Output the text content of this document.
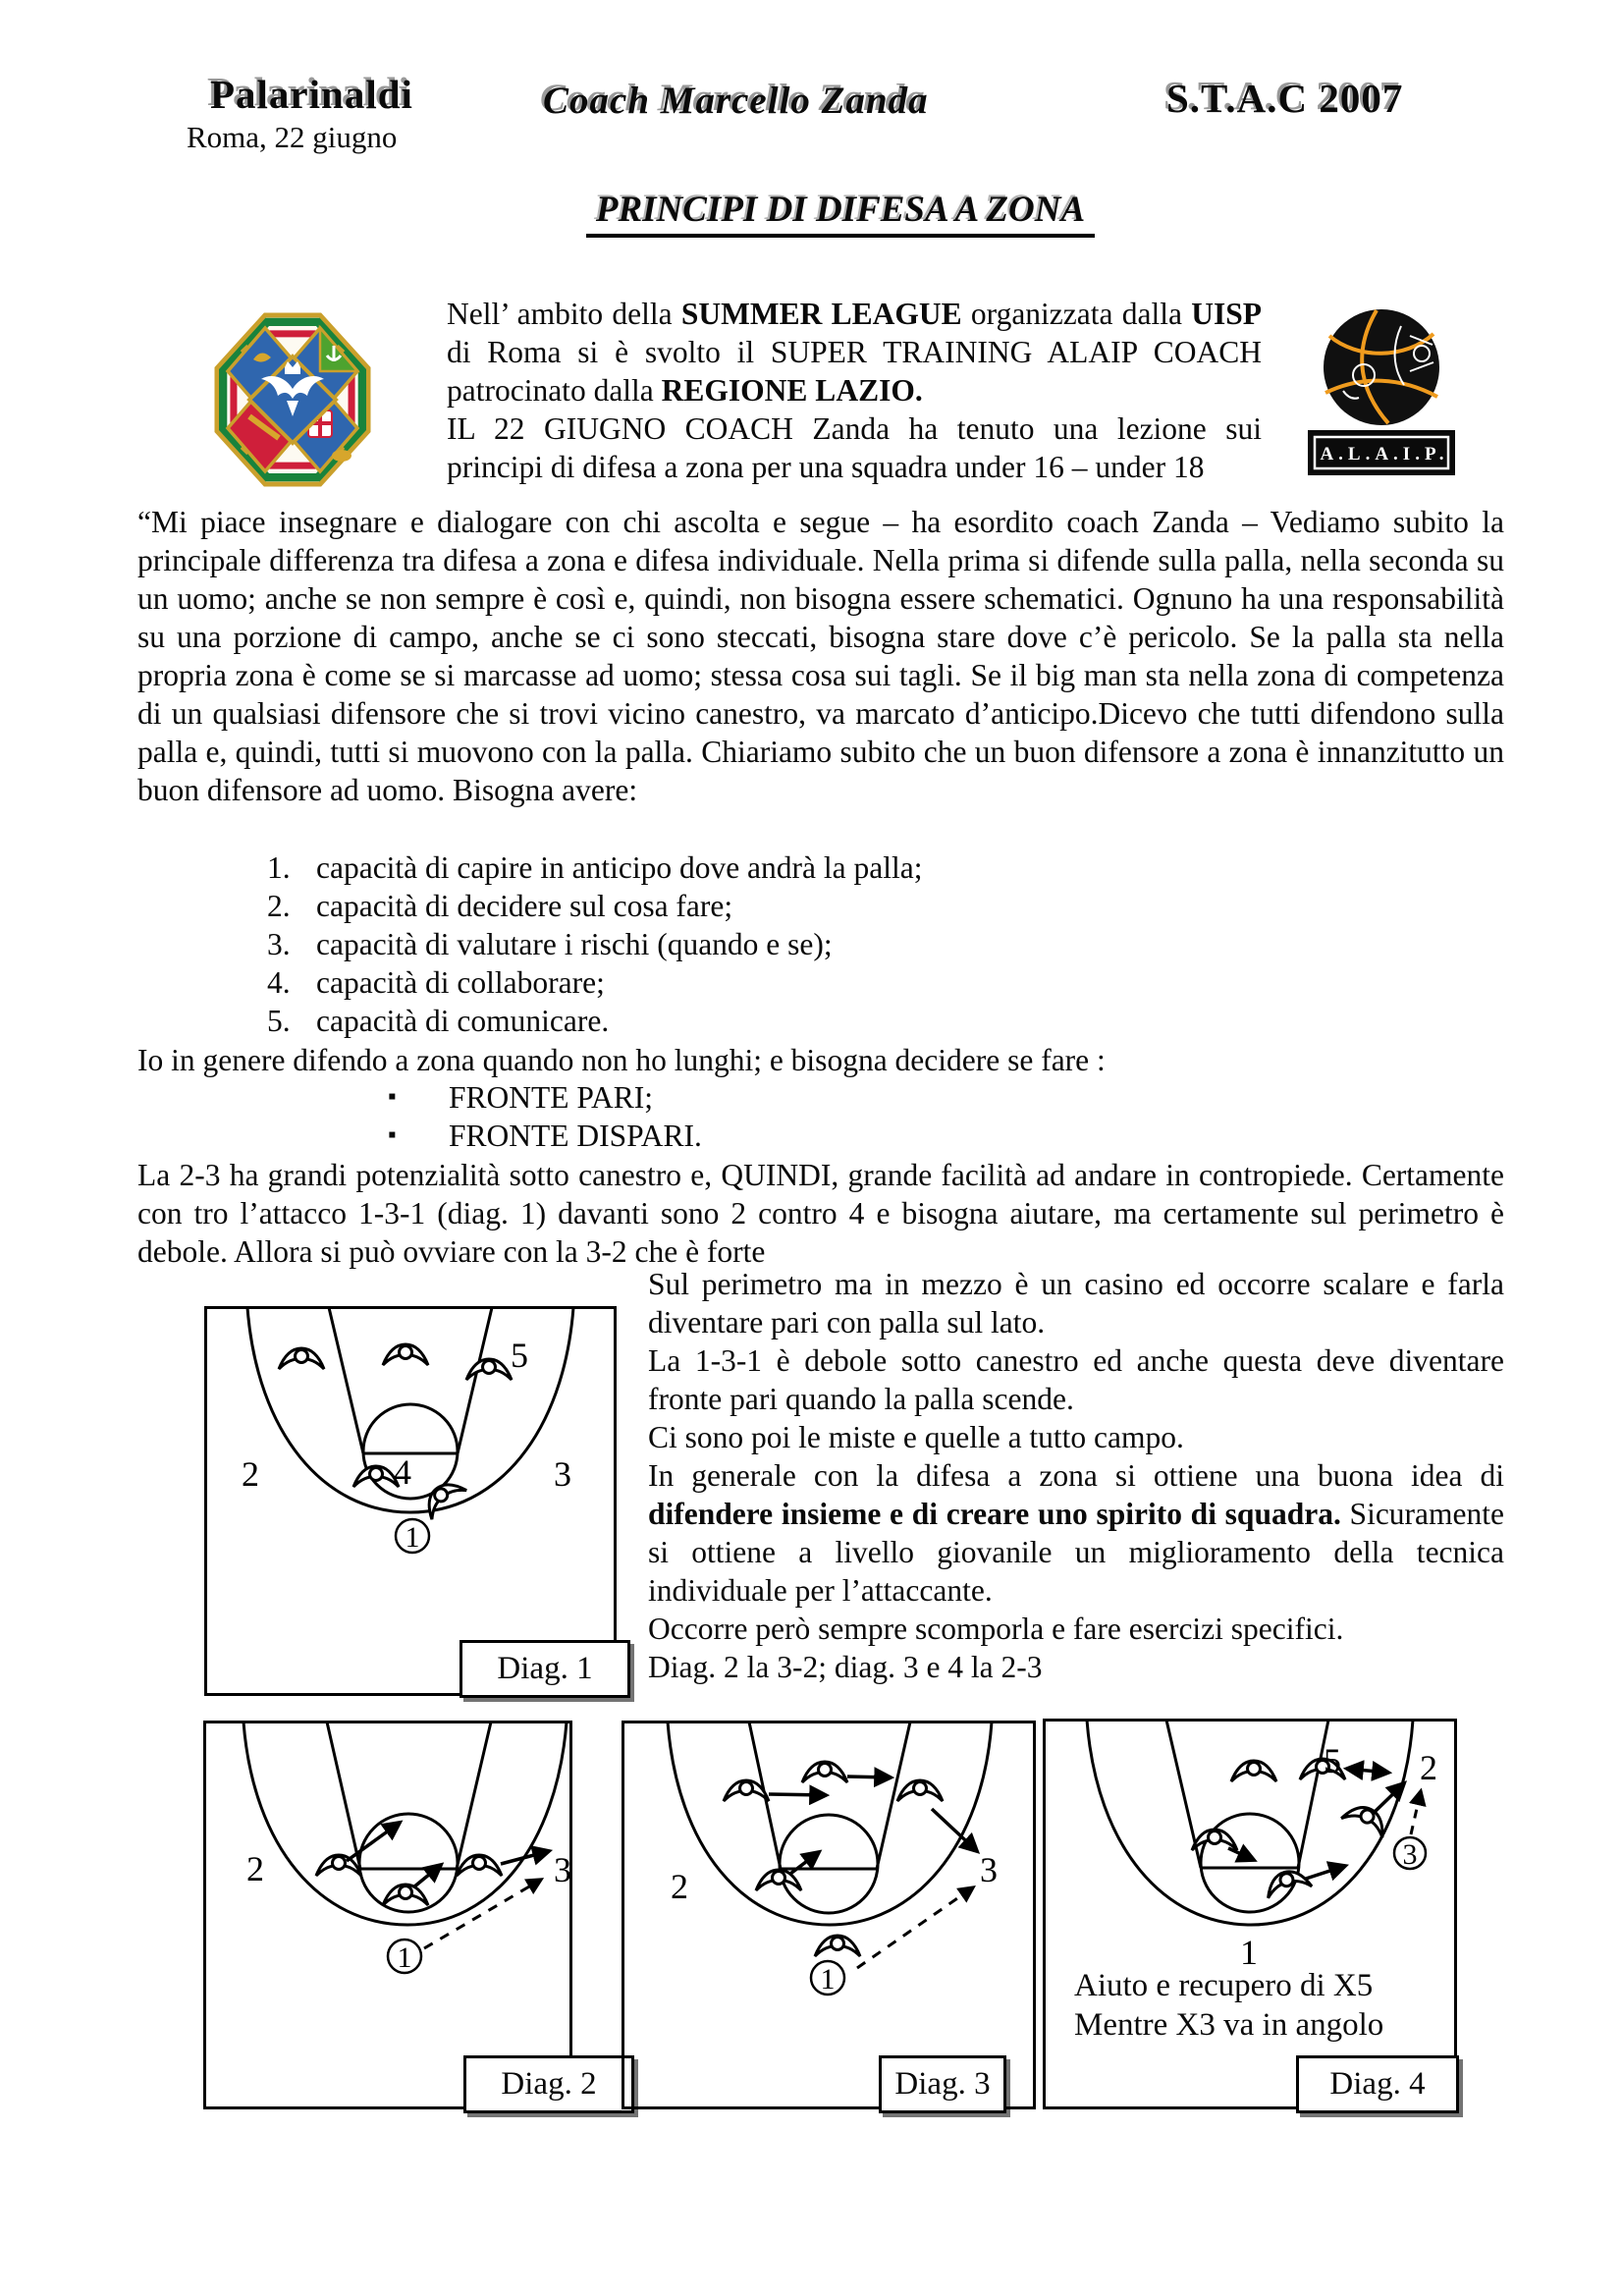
Palarinaldi
Roma, 22 giugno
Coach Marcello Zanda	S.T.A.C 2007
PRINCIPI DI DIFESA A ZONA
A.L.A.I.P.
Nell’ ambito della SUMMER LEAGUE organizzata dalla UISP di Roma si è svolto il SUPER TRAINING ALAIP COACH patrocinato dalla REGIONE LAZIO.
IL 22 GIUGNO COACH Zanda ha tenuto una lezione sui principi di difesa a zona per una squadra under 16 – under 18
“Mi piace insegnare e dialogare con chi ascolta e segue – ha esordito coach Zanda – Vediamo subito la principale differenza tra difesa a zona e difesa individuale. Nella prima si difende sulla palla, nella seconda su un uomo; anche se non sempre è così e, quindi, non bisogna essere schematici. Ognuno ha una responsabilità su una porzione di campo, anche se ci sono steccati, bisogna stare dove c’è pericolo. Se la palla sta nella propria zona è come se si marcasse ad uomo; stessa cosa sui tagli. Se il big man sta nella zona di competenza di un qualsiasi difensore che si trovi vicino canestro, va marcato d’anticipo.Dicevo che tutti difendono sulla palla e, quindi, tutti si muovono con la palla. Chiariamo subito che un buon difensore a zona è innanzitutto un buon difensore ad uomo. Bisogna avere:
1. capacità di capire in anticipo dove andrà la palla;
2. capacità di decidere sul cosa fare;
3. capacità di valutare i rischi (quando e se);
4. capacità di collaborare;
5. capacità di comunicare.
Io in genere difendo a zona quando non ho lunghi; e bisogna decidere se fare :
▪	FRONTE PARI;
▪	FRONTE DISPARI.
La 2-3 ha grandi potenzialità sotto canestro e, QUINDI, grande facilità ad andare in contropiede. Certamente con tro l’attacco 1-3-1 (diag. 1) davanti sono 2 contro 4 e bisogna aiutare, ma certamente sul perimetro è debole. Allora si può ovviare con la 3-2 che è forte
Sul perimetro ma in mezzo è un casino ed occorre scalare e farla diventare pari con palla sul lato.
La 1-3-1 è debole sotto canestro ed anche questa deve diventare fronte pari quando la palla scende.
Ci sono poi le miste e quelle a tutto campo.
In generale con la difesa a zona si ottiene una buona idea di difendere insieme e di creare uno spirito di squadra. Sicuramente si ottiene a livello giovanile un miglioramento della tecnica individuale per l’attaccante.
Occorre però sempre scomporla e fare esercizi specifici.
Diag. 2 la 3-2; diag. 3 e 4 la 2-3
5
4
2	3
1
Diag. 1
2	3
1
Diag. 2
2	3
1
Diag. 3
5 2
3
1
Aiuto e recupero di X5
Mentre X3 va in angolo
Diag. 4
